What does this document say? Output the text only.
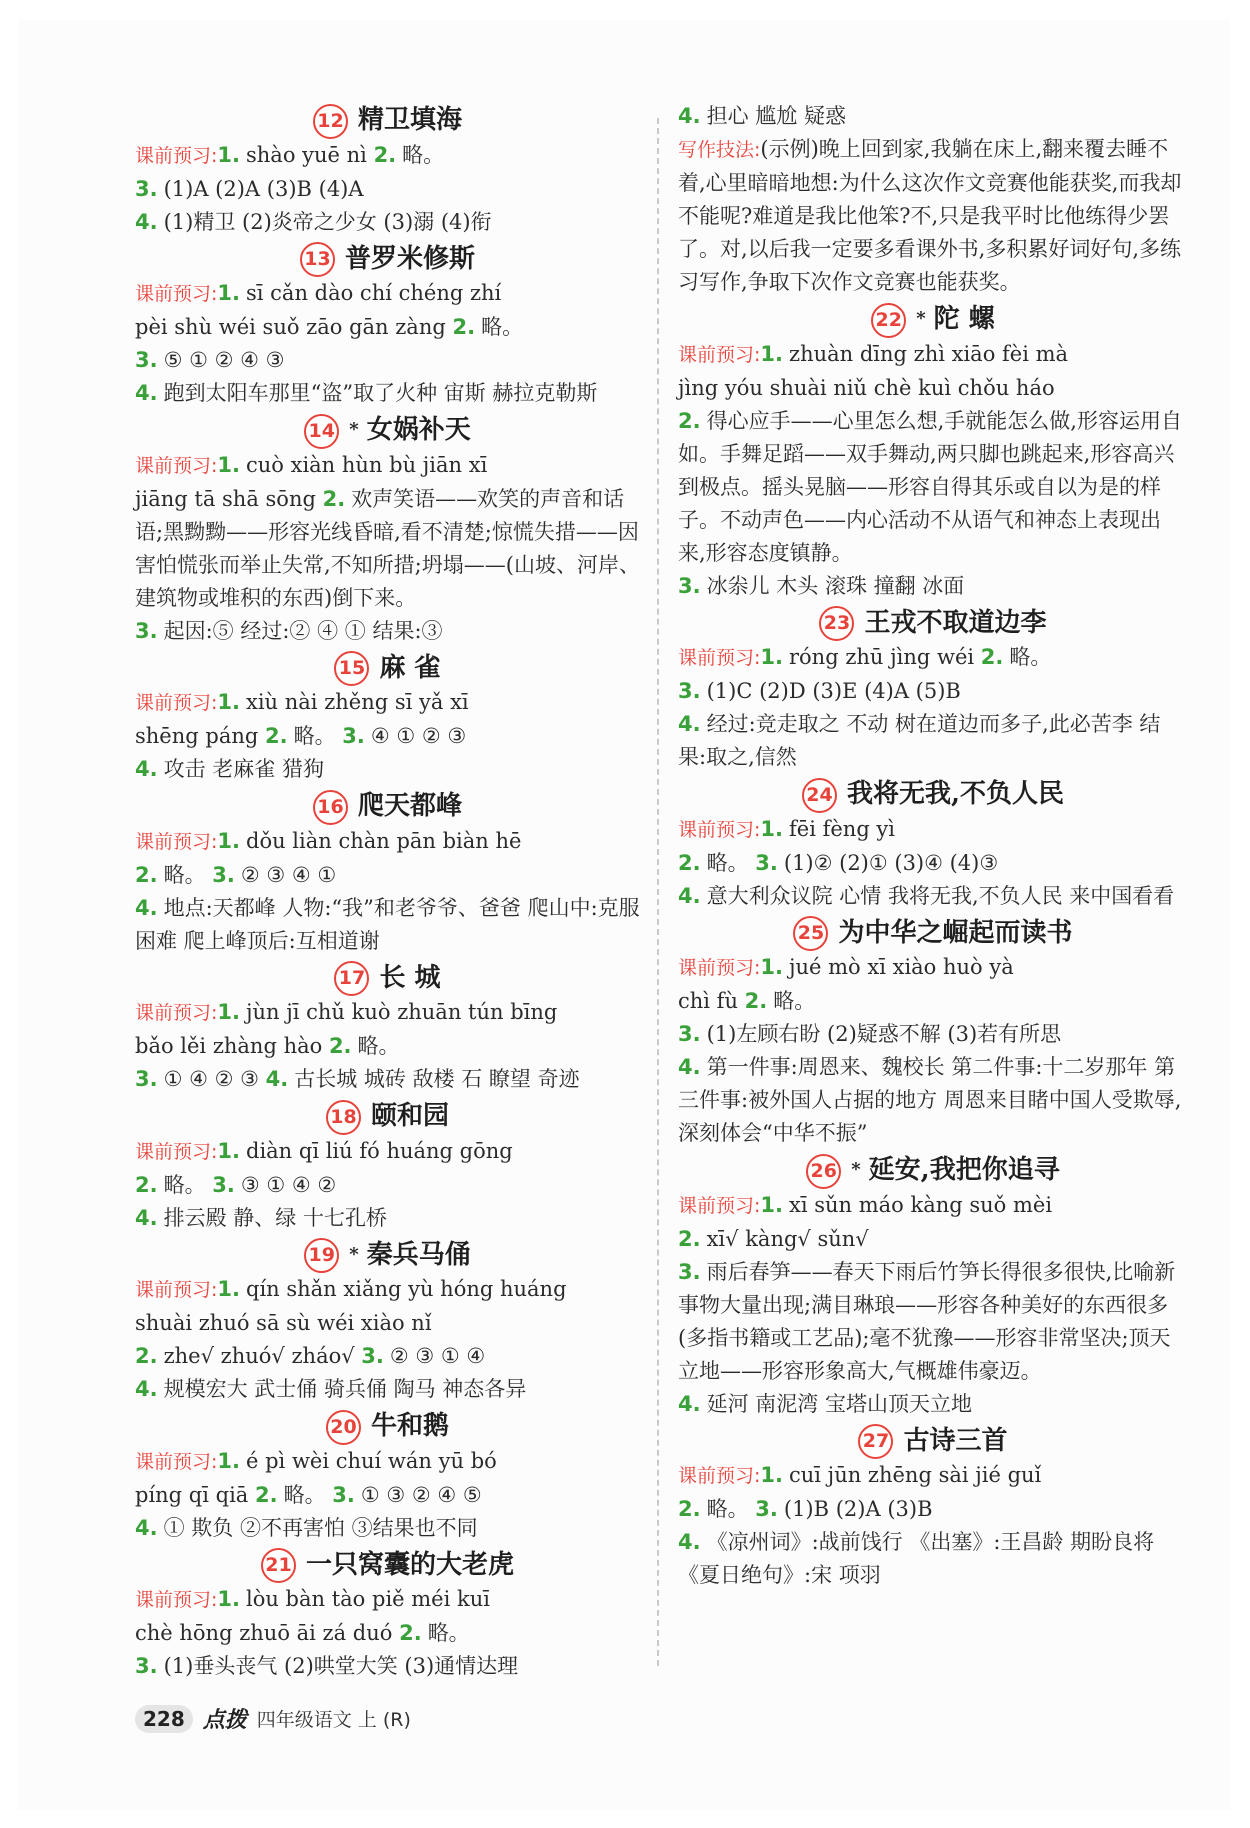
12 精卫填海
课前预习:1. shào yuē nì 2. 略。
3. (1)A (2)A (3)B (4)A
4. (1)精卫 (2)炎帝之少女 (3)溺 (4)衔
13 普罗米修斯
课前预习:1. sī cǎn dào chí chéng zhí
pèi shù wéi suǒ zāo gān zàng 2. 略。
3. ⑤ ① ② ④ ③
4. 跑到太阳车那里“盗”取了火种 宙斯 赫拉克勒斯
14 * 女娲补天
课前预习:1. cuò xiàn hùn bù jiān xī
jiāng tā shā sōng 2. 欢声笑语——欢笑的声音和话语;黑黝黝——形容光线昏暗,看不清楚;惊慌失措——因害怕慌张而举止失常,不知所措;坍塌——(山坡、河岸、建筑物或堆积的东西)倒下来。
3. 起因:⑤ 经过:② ④ ① 结果:③
15 麻 雀
课前预习:1. xiù nài zhěng sī yǎ xī
shēng páng 2. 略。 3. ④ ① ② ③
4. 攻击 老麻雀 猎狗
16 爬天都峰
课前预习:1. dǒu liàn chàn pān biàn hē
2. 略。 3. ② ③ ④ ①
4. 地点:天都峰 人物:“我”和老爷爷、爸爸 爬山中:克服困难 爬上峰顶后:互相道谢
17 长 城
课前预习:1. jùn jī chǔ kuò zhuān tún bīng
bǎo lěi zhàng hào 2. 略。
3. ① ④ ② ③ 4. 古长城 城砖 敌楼 石 瞭望 奇迹
18 颐和园
课前预习:1. diàn qī liú fó huáng gōng
2. 略。 3. ③ ① ④ ②
4. 排云殿 静、绿 十七孔桥
19 * 秦兵马俑
课前预习:1. qín shǎn xiǎng yù hóng huáng
shuài zhuó sā sù wéi xiào nǐ
2. zhe√ zhuó√ zháo√ 3. ② ③ ① ④
4. 规模宏大 武士俑 骑兵俑 陶马 神态各异
20 牛和鹅
课前预习:1. é pì wèi chuí wán yū bó
píng qī qiā 2. 略。 3. ① ③ ② ④ ⑤
4. ① 欺负 ②不再害怕 ③结果也不同
21 一只窝囊的大老虎
课前预习:1. lòu bàn tào piě méi kuī
chè hōng zhuō āi zá duó 2. 略。
3. (1)垂头丧气 (2)哄堂大笑 (3)通情达理
4. 担心 尴尬 疑惑
写作技法:(示例)晚上回到家,我躺在床上,翻来覆去睡不着,心里暗暗地想:为什么这次作文竞赛他能获奖,而我却不能呢?难道是我比他笨?不,只是我平时比他练得少罢了。对,以后我一定要多看课外书,多积累好词好句,多练习写作,争取下次作文竞赛也能获奖。
22 * 陀 螺
课前预习:1. zhuàn dīng zhì xiāo fèi mà
jìng yóu shuài niǔ chè kuì chǒu háo
2. 得心应手——心里怎么想,手就能怎么做,形容运用自如。手舞足蹈——双手舞动,两只脚也跳起来,形容高兴到极点。摇头晃脑——形容自得其乐或自以为是的样子。不动声色——内心活动不从语气和神态上表现出来,形容态度镇静。
3. 冰尜儿 木头 滚珠 撞翻 冰面
23 王戎不取道边李
课前预习:1. róng zhū jìng wéi 2. 略。
3. (1)C (2)D (3)E (4)A (5)B
4. 经过:竞走取之 不动 树在道边而多子,此必苦李 结果:取之,信然
24 我将无我,不负人民
课前预习:1. fēi fèng yì
2. 略。 3. (1)② (2)① (3)④ (4)③
4. 意大利众议院 心情 我将无我,不负人民 来中国看看
25 为中华之崛起而读书
课前预习:1. jué mò xī xiào huò yà
chì fù 2. 略。
3. (1)左顾右盼 (2)疑惑不解 (3)若有所思
4. 第一件事:周恩来、魏校长 第二件事:十二岁那年 第三件事:被外国人占据的地方 周恩来目睹中国人受欺辱,深刻体会“中华不振”
26 * 延安,我把你追寻
课前预习:1. xī sǔn máo kàng suǒ mèi
2. xī√ kàng√ sǔn√
3. 雨后春笋——春天下雨后竹笋长得很多很快,比喻新事物大量出现;满目琳琅——形容各种美好的东西很多(多指书籍或工艺品);毫不犹豫——形容非常坚决;顶天立地——形容形象高大,气概雄伟豪迈。
4. 延河 南泥湾 宝塔山顶天立地
27 古诗三首
课前预习:1. cuī jūn zhēng sài jié guǐ
2. 略。 3. (1)B (2)A (3)B
4. 《凉州词》:战前饯行 《出塞》:王昌龄 期盼良将 《夏日绝句》:宋 项羽
228 点拨 四年级语文 上 (R)
